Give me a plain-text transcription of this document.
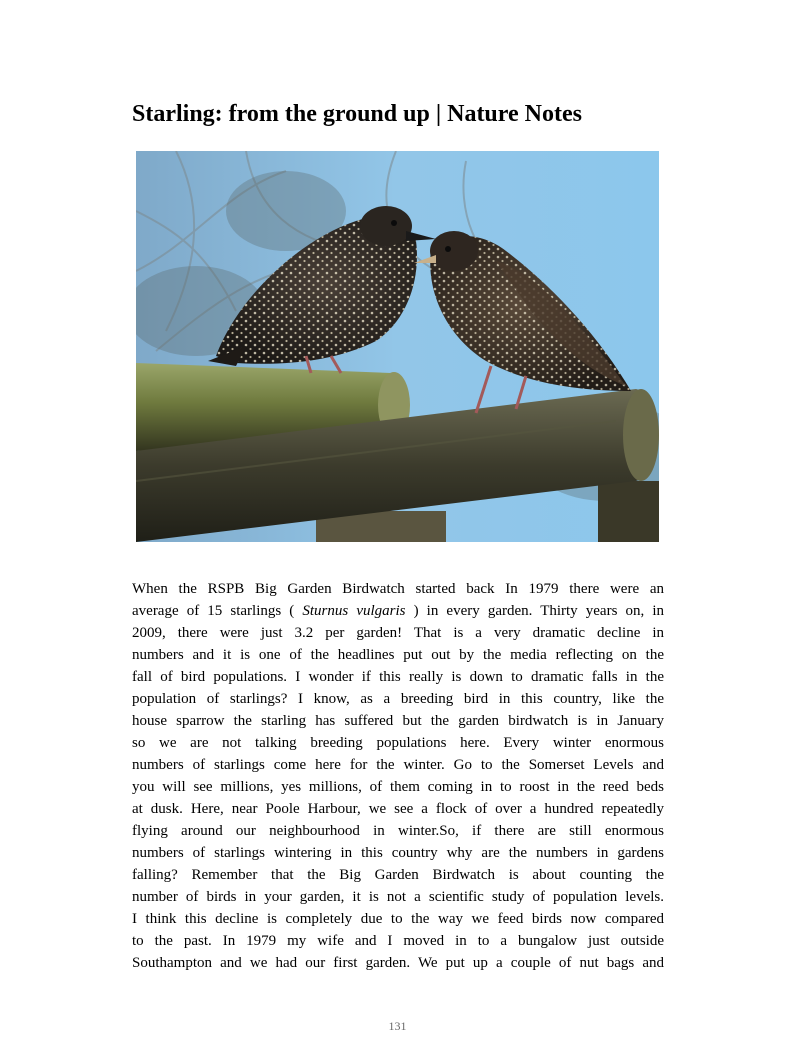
Starling: from the ground up | Nature Notes
When the RSPB Big Garden Birdwatch started back In 1979 there were an
average of 15 starlings ( Sturnus vulgaris ) in every garden. Thirty years on, in
2009, there were just 3.2 per garden! That is a very dramatic decline in
numbers and it is one of the headlines put out by the media reflecting on the
fall of bird populations. I wonder if this really is down to dramatic falls in the
population of starlings? I know, as a breeding bird in this country, like the
house sparrow the starling has suffered but the garden birdwatch is in January
so we are not talking breeding populations here. Every winter enormous
numbers of starlings come here for the winter. Go to the Somerset Levels and
you will see millions, yes millions, of them coming in to roost in the reed beds
at dusk. Here, near Poole Harbour, we see a flock of over a hundred repeatedly
flying around our neighbourhood in winter.So, if there are still enormous
numbers of starlings wintering in this country why are the numbers in gardens
falling? Remember that the Big Garden Birdwatch is about counting the
number of birds in your garden, it is not a scientific study of population levels.
I think this decline is completely due to the way we feed birds now compared
to the past. In 1979 my wife and I moved in to a bungalow just outside
Southampton and we had our first garden. We put up a couple of nut bags and
131
